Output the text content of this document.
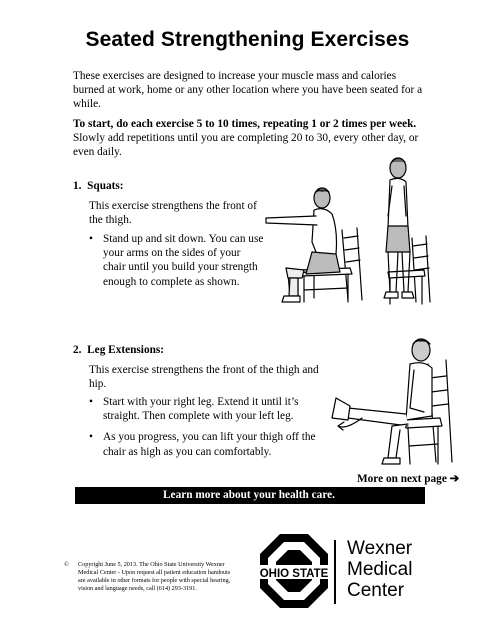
Seated Strengthening Exercises
These exercises are designed to increase your muscle mass and calories burned at work, home or any other location where you have been seated for a while.
To start, do each exercise 5 to 10 times, repeating 1 or 2 times per week. Slowly add repetitions until you are completing 20 to 30, every other day, or even daily.
1. Squats:
This exercise strengthens the front of the thigh.
• Stand up and sit down. You can use your arms on the sides of your chair until you build your strength enough to complete as shown.
2. Leg Extensions:
This exercise strengthens the front of the thigh and hip.
• Start with your right leg. Extend it until it’s straight. Then complete with your left leg.
• As you progress, you can lift your thigh off the chair as high as you can comfortably.
More on next page ➔
Learn more about your health care.
© Copyright June 5, 2013. The Ohio State University Wexner Medical Center - Upon request all patient education handouts are available in other formats for people with special hearing, vision and language needs, call (614) 293-3191.
OHIO STATE
Wexner
Medical
Center
